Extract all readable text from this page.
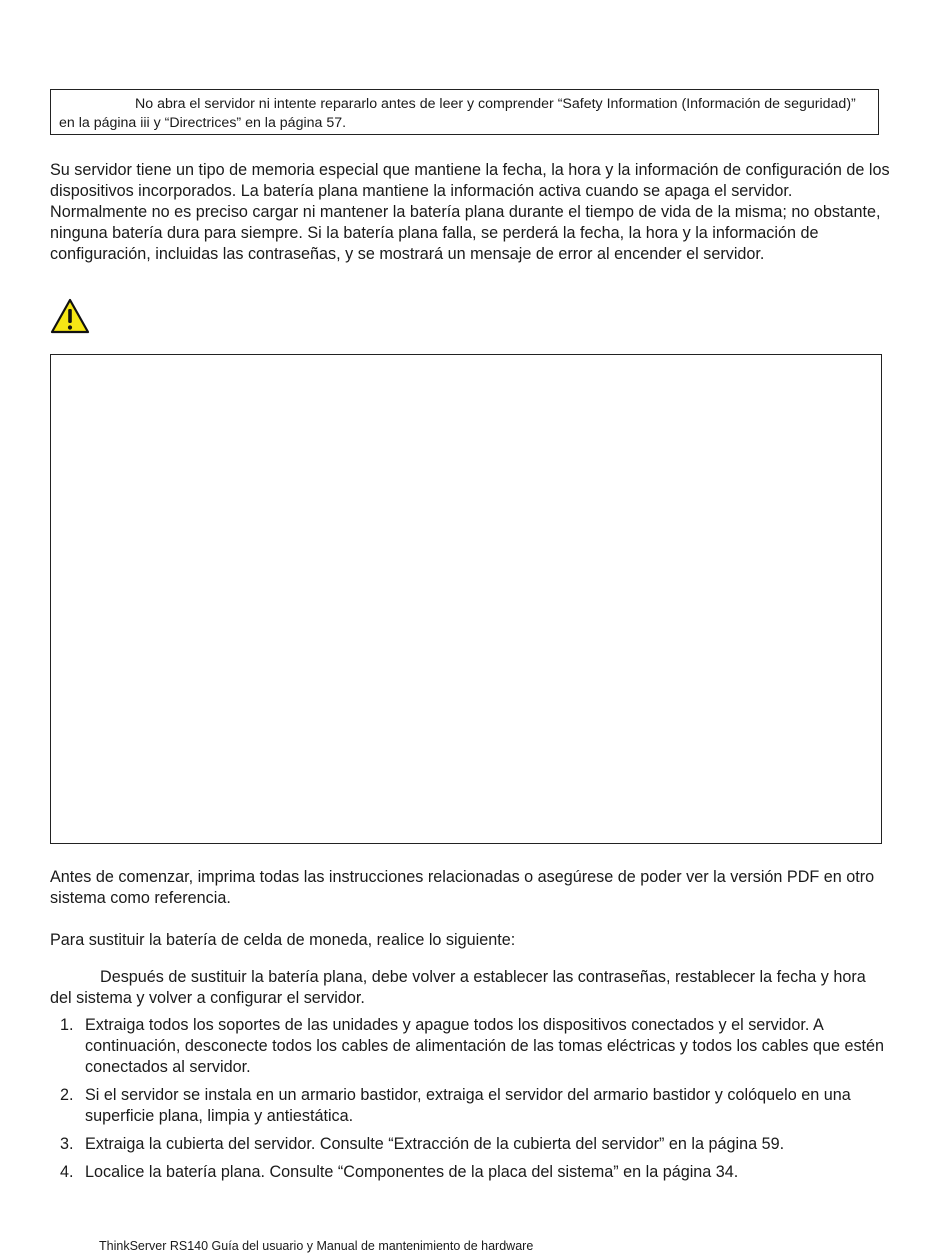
No abra el servidor ni intente repararlo antes de leer y comprender “Safety Information (Información de seguridad)” en la página iii y “Directrices” en la página 57.

Su servidor tiene un tipo de memoria especial que mantiene la fecha, la hora y la información de configuración de los dispositivos incorporados. La batería plana mantiene la información activa cuando se apaga el servidor. Normalmente no es preciso cargar ni mantener la batería plana durante el tiempo de vida de la misma; no obstante, ninguna batería dura para siempre. Si la batería plana falla, se perderá la fecha, la hora y la información de configuración, incluidas las contraseñas, y se mostrará un mensaje de error al encender el servidor.

Antes de comenzar, imprima todas las instrucciones relacionadas o asegúrese de poder ver la versión PDF en otro sistema como referencia.

Para sustituir la batería de celda de moneda, realice lo siguiente:

Después de sustituir la batería plana, debe volver a establecer las contraseñas, restablecer la fecha y hora del sistema y volver a configurar el servidor.

1. Extraiga todos los soportes de las unidades y apague todos los dispositivos conectados y el servidor. A continuación, desconecte todos los cables de alimentación de las tomas eléctricas y todos los cables que estén conectados al servidor.
2. Si el servidor se instala en un armario bastidor, extraiga el servidor del armario bastidor y colóquelo en una superficie plana, limpia y antiestática.
3. Extraiga la cubierta del servidor. Consulte “Extracción de la cubierta del servidor” en la página 59.
4. Localice la batería plana. Consulte “Componentes de la placa del sistema” en la página 34.
ThinkServer RS140 Guía del usuario y Manual de mantenimiento de hardware
